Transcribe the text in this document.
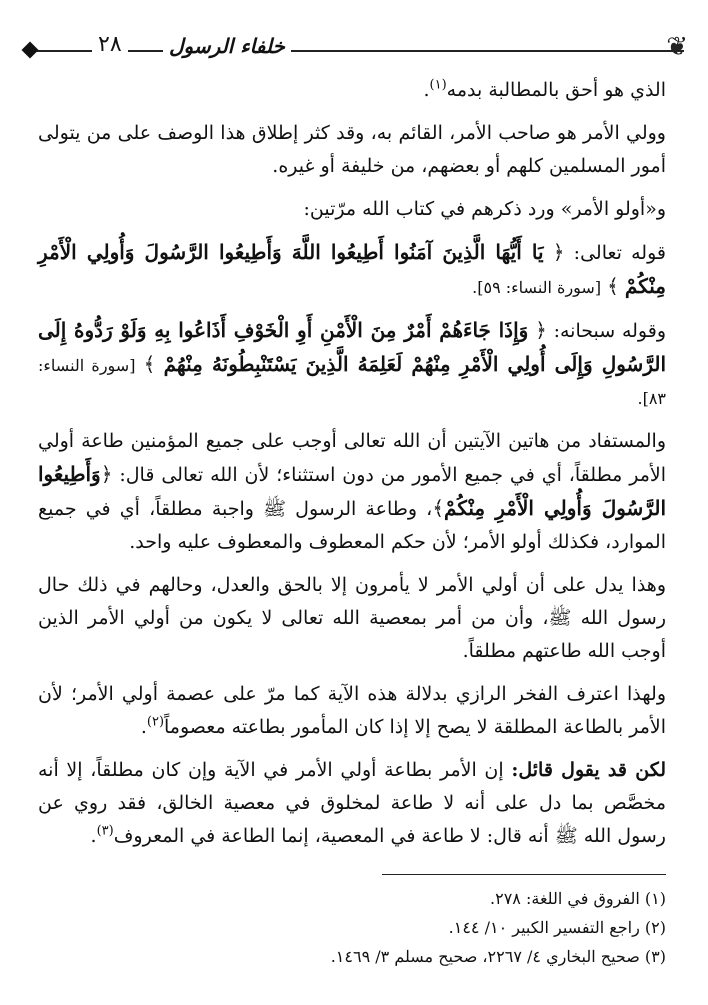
❦
٢٨	خلفاء الرسول

الذي هو أحق بالمطالبة بدمه$^{(١)}$.

وولي الأمر هو صاحب الأمر، القائم به، وقد كثر إطلاق هذا الوصف على من يتولى أمور المسلمين كلهم أو بعضهم، من خليفة أو غيره.

و«أولو الأمر» ورد ذكرهم في كتاب الله مرّتين:

قوله تعالى: ﴿ يَا أَيُّهَا الَّذِينَ آمَنُوا أَطِيعُوا اللَّهَ وَأَطِيعُوا الرَّسُولَ وَأُولِي الْأَمْرِ مِنْكُمْ ﴾ [سورة النساء: ٥٩].

وقوله سبحانه: ﴿ وَإِذَا جَاءَهُمْ أَمْرٌ مِنَ الْأَمْنِ أَوِ الْخَوْفِ أَذَاعُوا بِهِ وَلَوْ رَدُّوهُ إِلَى الرَّسُولِ وَإِلَى أُولِي الْأَمْرِ مِنْهُمْ لَعَلِمَهُ الَّذِينَ يَسْتَنْبِطُونَهُ مِنْهُمْ ﴾ [سورة النساء: ٨٣].

والمستفاد من هاتين الآيتين أن الله تعالى أوجب على جميع المؤمنين طاعة أولي الأمر مطلقاً، أي في جميع الأمور من دون استثناء؛ لأن الله تعالى قال: ﴿وَأَطِيعُوا الرَّسُولَ وَأُولِي الْأَمْرِ مِنْكُمْ﴾، وطاعة الرسول ﷺ واجبة مطلقاً، أي في جميع الموارد، فكذلك أولو الأمر؛ لأن حكم المعطوف والمعطوف عليه واحد.

وهذا يدل على أن أولي الأمر لا يأمرون إلا بالحق والعدل، وحالهم في ذلك حال رسول الله ﷺ، وأن من أمر بمعصية الله تعالى لا يكون من أولي الأمر الذين أوجب الله طاعتهم مطلقاً.

ولهذا اعترف الفخر الرازي بدلالة هذه الآية كما مرّ على عصمة أولي الأمر؛ لأن الأمر بالطاعة المطلقة لا يصح إلا إذا كان المأمور بطاعته معصوماً$^{(٢)}$.

لكن قد يقول قائل: إن الأمر بطاعة أولي الأمر في الآية وإن كان مطلقاً، إلا أنه مخصَّص بما دل على أنه لا طاعة لمخلوق في معصية الخالق، فقد روي عن رسول الله ﷺ أنه قال: لا طاعة في المعصية، إنما الطاعة في المعروف$^{(٣)}$.

(١) الفروق في اللغة: ٢٧٨.

(٢) راجع التفسير الكبير ١٠/ ١٤٤.

(٣) صحيح البخاري ٤/ ٢٢٦٧، صحيح مسلم ٣/ ١٤٦٩.
